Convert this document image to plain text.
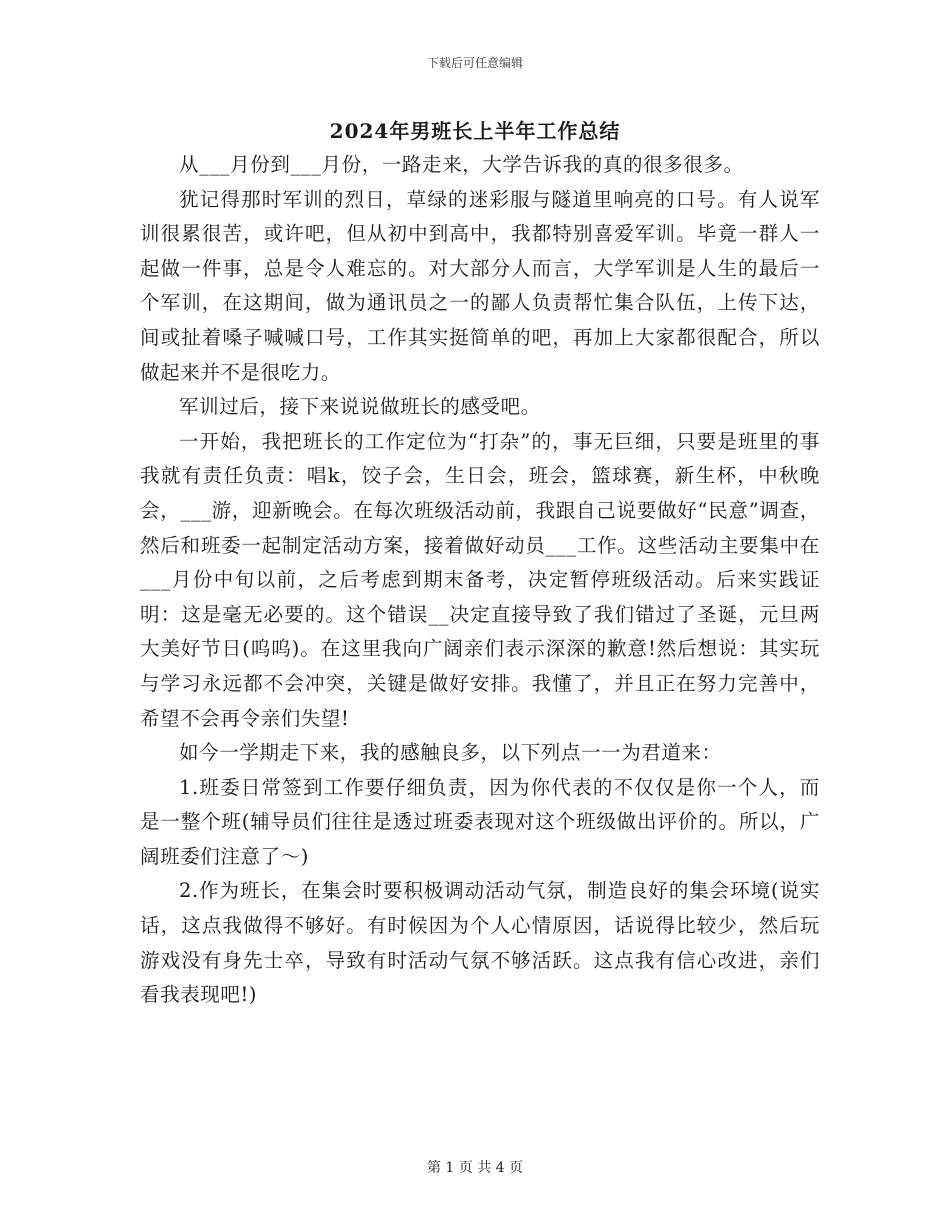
下载后可任意编辑
2024年男班长上半年工作总结

从___月份到___月份，一路走来，大学告诉我的真的很多很多。

犹记得那时军训的烈日，草绿的迷彩服与隧道里响亮的口号。有人说军训很累很苦，或许吧，但从初中到高中，我都特别喜爱军训。毕竟一群人一起做一件事，总是令人难忘的。对大部分人而言，大学军训是人生的最后一个军训，在这期间，做为通讯员之一的鄙人负责帮忙集合队伍，上传下达，间或扯着嗓子喊喊口号，工作其实挺简单的吧，再加上大家都很配合，所以做起来并不是很吃力。

军训过后，接下来说说做班长的感受吧。

一开始，我把班长的工作定位为“打杂”的，事无巨细，只要是班里的事我就有责任负责：唱k，饺子会，生日会，班会，篮球赛，新生杯，中秋晚会，___游，迎新晚会。在每次班级活动前，我跟自己说要做好“民意”调查，然后和班委一起制定活动方案，接着做好动员___工作。这些活动主要集中在___月份中旬以前，之后考虑到期末备考，决定暂停班级活动。后来实践证明：这是毫无必要的。这个错误__决定直接导致了我们错过了圣诞，元旦两大美好节日(呜呜)。在这里我向广阔亲们表示深深的歉意!然后想说：其实玩与学习永远都不会冲突，关键是做好安排。我懂了，并且正在努力完善中，希望不会再令亲们失望!

如今一学期走下来，我的感触良多，以下列点一一为君道来：

1.班委日常签到工作要仔细负责，因为你代表的不仅仅是你一个人，而是一整个班(辅导员们往往是透过班委表现对这个班级做出评价的。所以，广阔班委们注意了～)

2.作为班长，在集会时要积极调动活动气氛，制造良好的集会环境(说实话，这点我做得不够好。有时候因为个人心情原因，话说得比较少，然后玩游戏没有身先士卒，导致有时活动气氛不够活跃。这点我有信心改进，亲们看我表现吧!)

第 1 页 共 4 页
